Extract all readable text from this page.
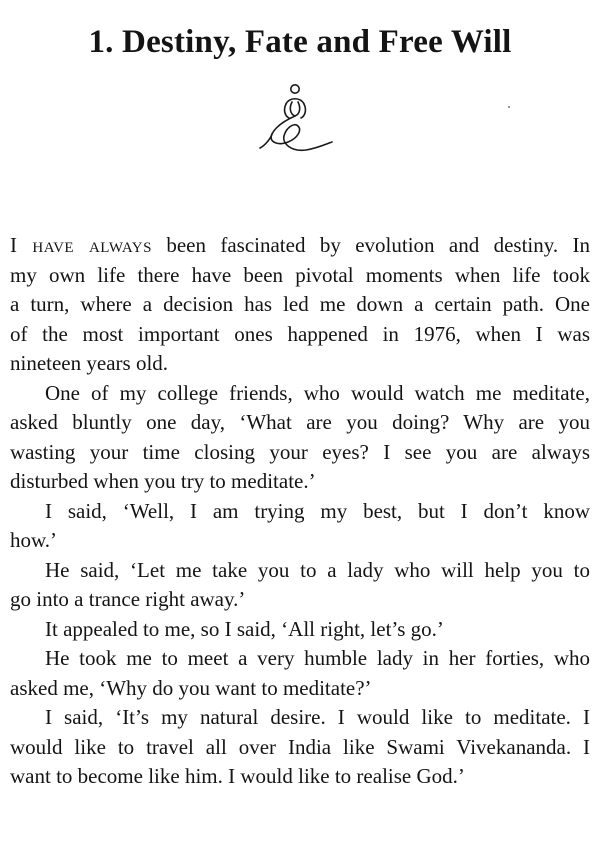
1. Destiny, Fate and Free Will

I have always been fascinated by evolution and destiny. In
my own life there have been pivotal moments when life took
a turn, where a decision has led me down a certain path. One
of the most important ones happened in 1976, when I was
nineteen years old.

One of my college friends, who would watch me meditate,
asked bluntly one day, ‘What are you doing? Why are you
wasting your time closing your eyes? I see you are always
disturbed when you try to meditate.’

I said, ‘Well, I am trying my best, but I don’t know
how.’

He said, ‘Let me take you to a lady who will help you to
go into a trance right away.’

It appealed to me, so I said, ‘All right, let’s go.’

He took me to meet a very humble lady in her forties, who
asked me, ‘Why do you want to meditate?’

I said, ‘It’s my natural desire. I would like to meditate. I
would like to travel all over India like Swami Vivekananda. I
want to become like him. I would like to realise God.’
